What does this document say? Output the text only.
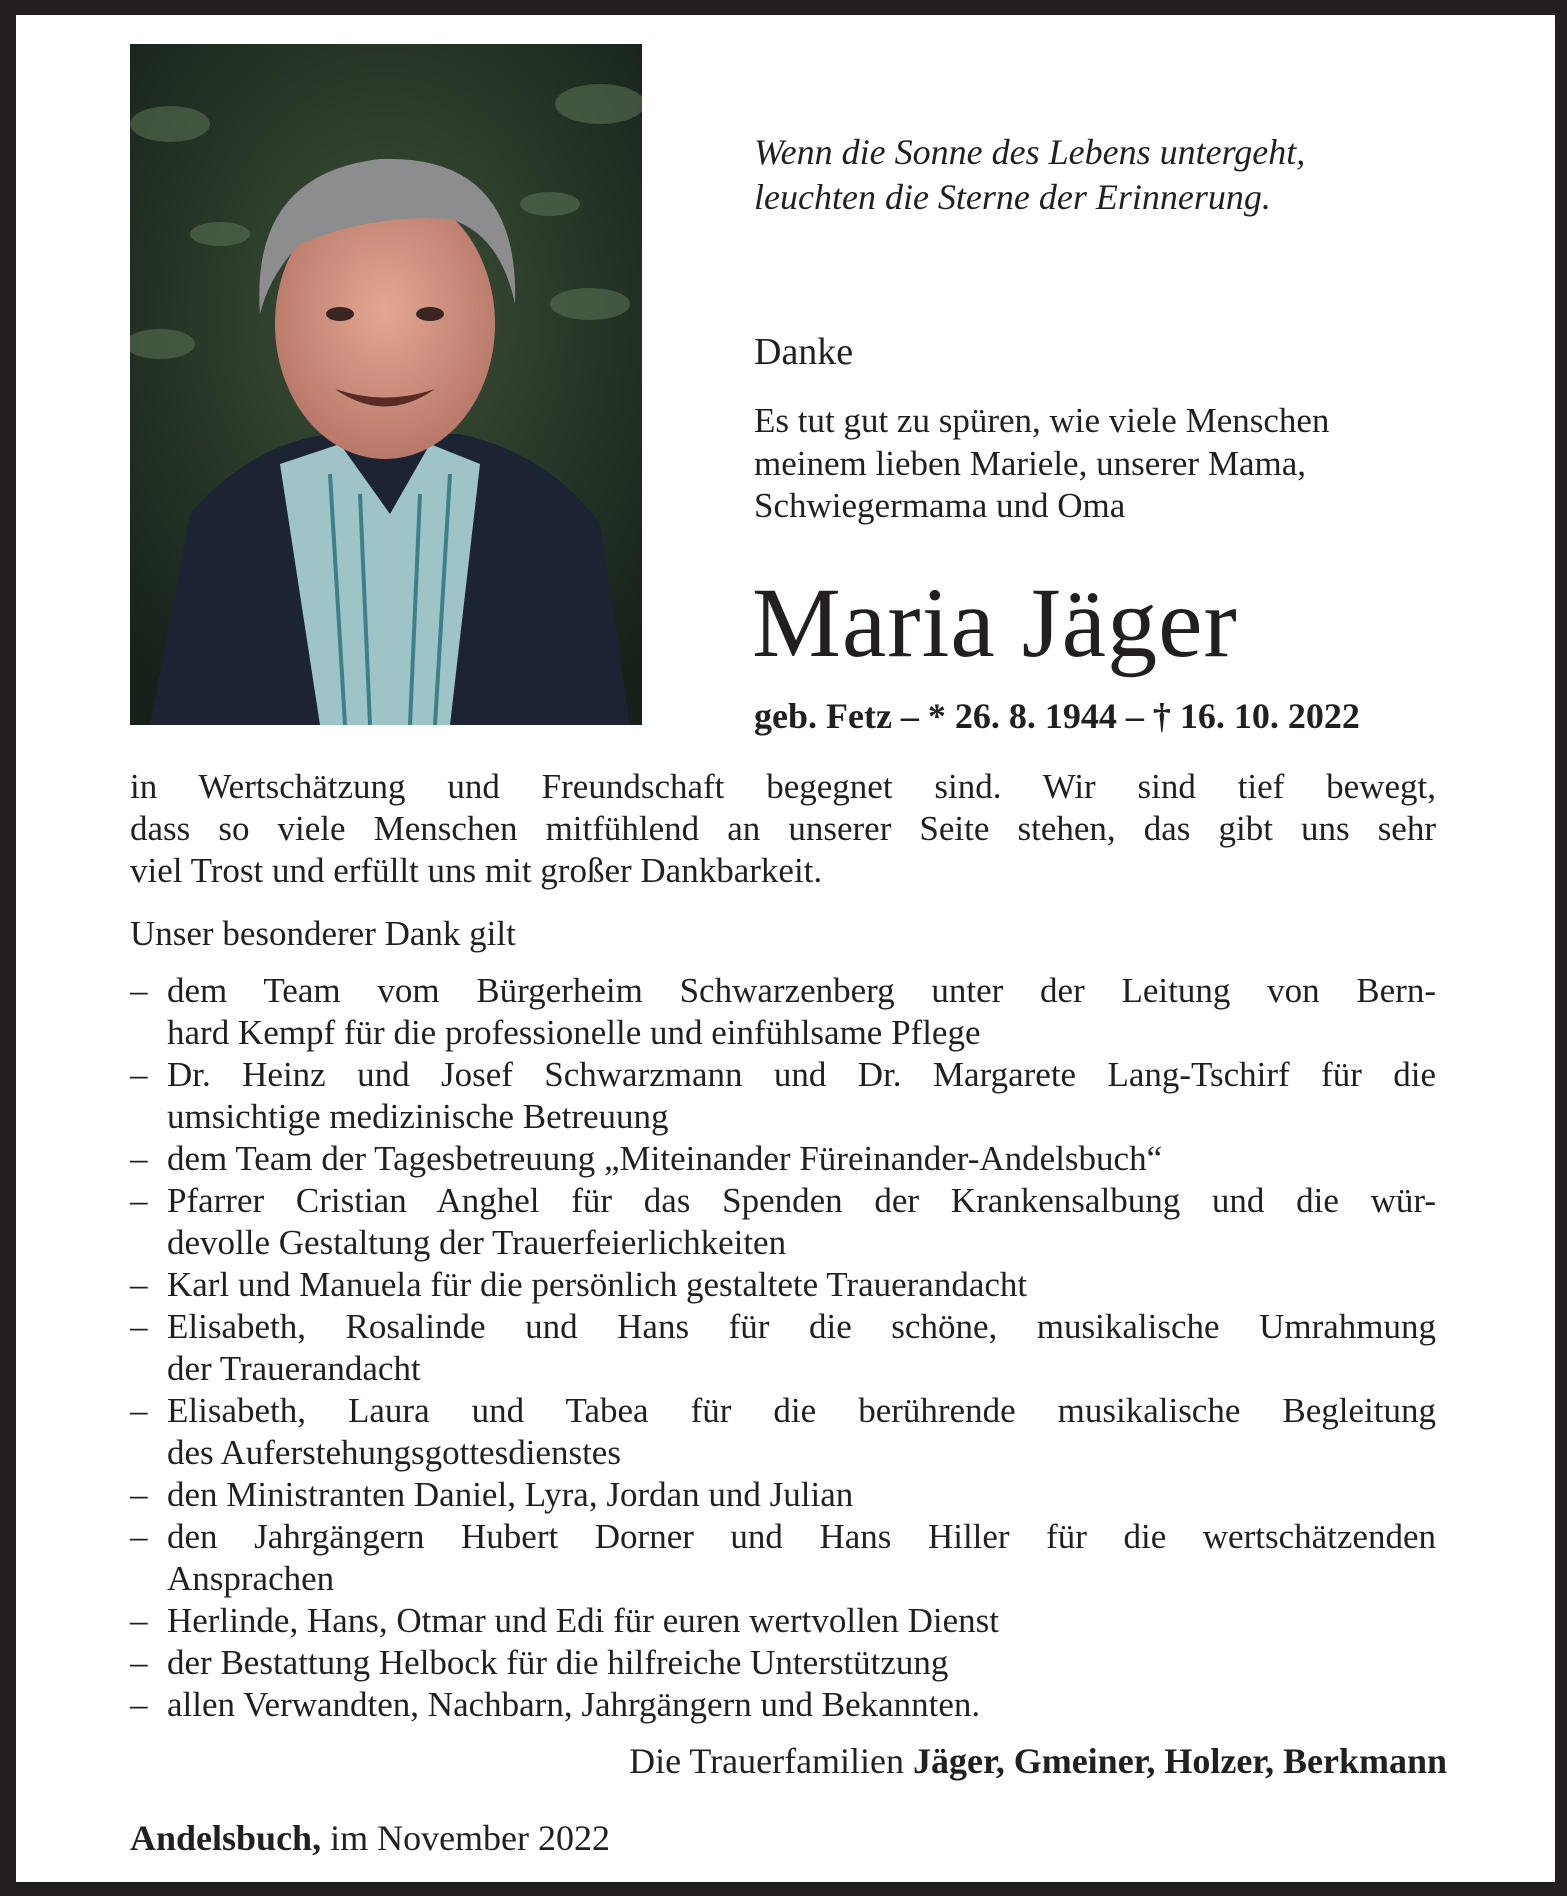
Wenn die Sonne des Lebens untergeht,
leuchten die Sterne der Erinnerung.
Danke
Es tut gut zu spüren, wie viele Menschen
meinem lieben Mariele, unserer Mama,
Schwiegermama und Oma
Maria Jäger
geb. Fetz – * 26. 8. 1944 – † 16. 10. 2022
in Wertschätzung und Freundschaft begegnet sind. Wir sind tief bewegt,
dass so viele Menschen mitfühlend an unserer Seite stehen, das gibt uns sehr
viel Trost und erfüllt uns mit großer Dankbarkeit.
Unser besonderer Dank gilt
– dem Team vom Bürgerheim Schwarzenberg unter der Leitung von Bern-
hard Kempf für die professionelle und einfühlsame Pflege
– Dr. Heinz und Josef Schwarzmann und Dr. Margarete Lang-Tschirf für die
umsichtige medizinische Betreuung
– dem Team der Tagesbetreuung „Miteinander Füreinander-Andelsbuch“
– Pfarrer Cristian Anghel für das Spenden der Krankensalbung und die wür-
devolle Gestaltung der Trauerfeierlichkeiten
– Karl und Manuela für die persönlich gestaltete Trauerandacht
– Elisabeth, Rosalinde und Hans für die schöne, musikalische Umrahmung
der Trauerandacht
– Elisabeth, Laura und Tabea für die berührende musikalische Begleitung
des Auferstehungsgottesdienstes
– den Ministranten Daniel, Lyra, Jordan und Julian
– den Jahrgängern Hubert Dorner und Hans Hiller für die wertschätzenden
Ansprachen
– Herlinde, Hans, Otmar und Edi für euren wertvollen Dienst
– der Bestattung Helbock für die hilfreiche Unterstützung
– allen Verwandten, Nachbarn, Jahrgängern und Bekannten.
Die Trauerfamilien Jäger, Gmeiner, Holzer, Berkmann
Andelsbuch, im November 2022
